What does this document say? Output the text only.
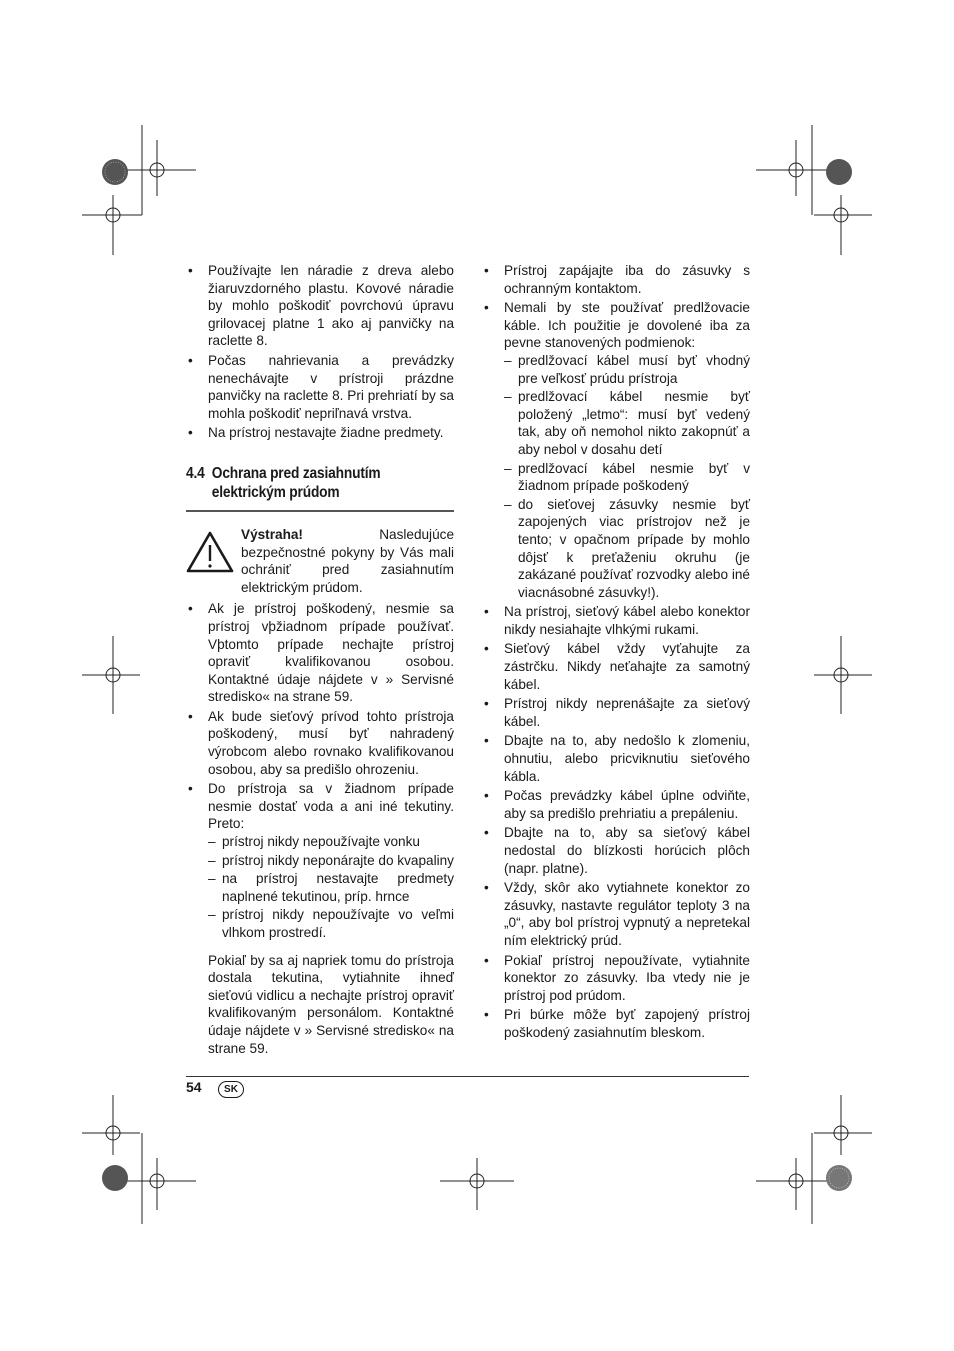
• Používajte len náradie z dreva alebo žiaruvzdorného plastu. Kovové náradie by mohlo poškodiť povrchovú úpravu grilovacej platne 1 ako aj panvičky na raclette 8.
• Počas nahrievania a prevádzky nenechávajte v prístroji prázdne panvičky na raclette 8. Pri prehriatí by sa mohla poškodiť nepriľnavá vrstva.
• Na prístroj nestavajte žiadne predmety.
4.4 Ochrana pred zasiahnutím
elektrickým prúdom
Výstraha!	Nasledujúce bezpečnostné pokyny by Vás mali ochrániť pred zasiahnutím elektrickým prúdom.
• Ak je prístroj poškodený, nesmie sa prístroj vþžiadnom prípade používať. Vþtomto prípade nechajte prístroj opraviť kvalifikovanou osobou. Kontaktné údaje nájdete v » Servisné stredisko« na strane 59.
• Ak bude sieťový prívod tohto prístroja poškodený, musí byť nahradený výrobcom alebo rovnako kvalifikovanou osobou, aby sa predišlo ohrozeniu.
• Do prístroja sa v žiadnom prípade nesmie dostať voda a ani iné tekutiny. Preto:
– prístroj nikdy nepoužívajte vonku
– prístroj nikdy neponárajte do kvapaliny
– na prístroj nestavajte predmety naplnené tekutinou, príp. hrnce
– prístroj nikdy nepoužívajte vo veľmi vlhkom prostredí.
Pokiaľ by sa aj napriek tomu do prístroja dostala tekutina, vytiahnite ihneď sieťovú vidlicu a nechajte prístroj opraviť kvalifikovaným personálom. Kontaktné údaje nájdete v » Servisné stredisko« na strane 59.
• Prístroj zapájajte iba do zásuvky s ochranným kontaktom.
• Nemali by ste používať predlžovacie káble. Ich použitie je dovolené iba za pevne stanovených podmienok:
– predlžovací kábel musí byť vhodný pre veľkosť prúdu prístroja
– predlžovací kábel nesmie byť položený „letmo“: musí byť vedený tak, aby oň nemohol nikto zakopnúť a aby nebol v dosahu detí
– predlžovací kábel nesmie byť v žiadnom prípade poškodený
– do sieťovej zásuvky nesmie byť zapojených viac prístrojov než je tento; v opačnom prípade by mohlo dôjsť k preťaženiu okruhu (je zakázané používať rozvodky alebo iné viacnásobné zásuvky!).
• Na prístroj, sieťový kábel alebo konektor nikdy nesiahajte vlhkými rukami.
• Sieťový kábel vždy vyťahujte za zástrčku. Nikdy neťahajte za samotný kábel.
• Prístroj nikdy neprenášajte za sieťový kábel.
• Dbajte na to, aby nedošlo k zlomeniu, ohnutiu, alebo pricviknutiu sieťového kábla.
• Počas prevádzky kábel úplne odviňte, aby sa predišlo prehriatiu a prepáleniu.
• Dbajte na to, aby sa sieťový kábel nedostal do blízkosti horúcich plôch (napr. platne).
• Vždy, skôr ako vytiahnete konektor zo zásuvky, nastavte regulátor teploty 3 na „0“, aby bol prístroj vypnutý a nepretekal ním elektrický prúd.
• Pokiaľ prístroj nepoužívate, vytiahnite konektor zo zásuvky. Iba vtedy nie je prístroj pod prúdom.
• Pri búrke môže byť zapojený prístroj poškodený zasiahnutím bleskom.
54	SK
